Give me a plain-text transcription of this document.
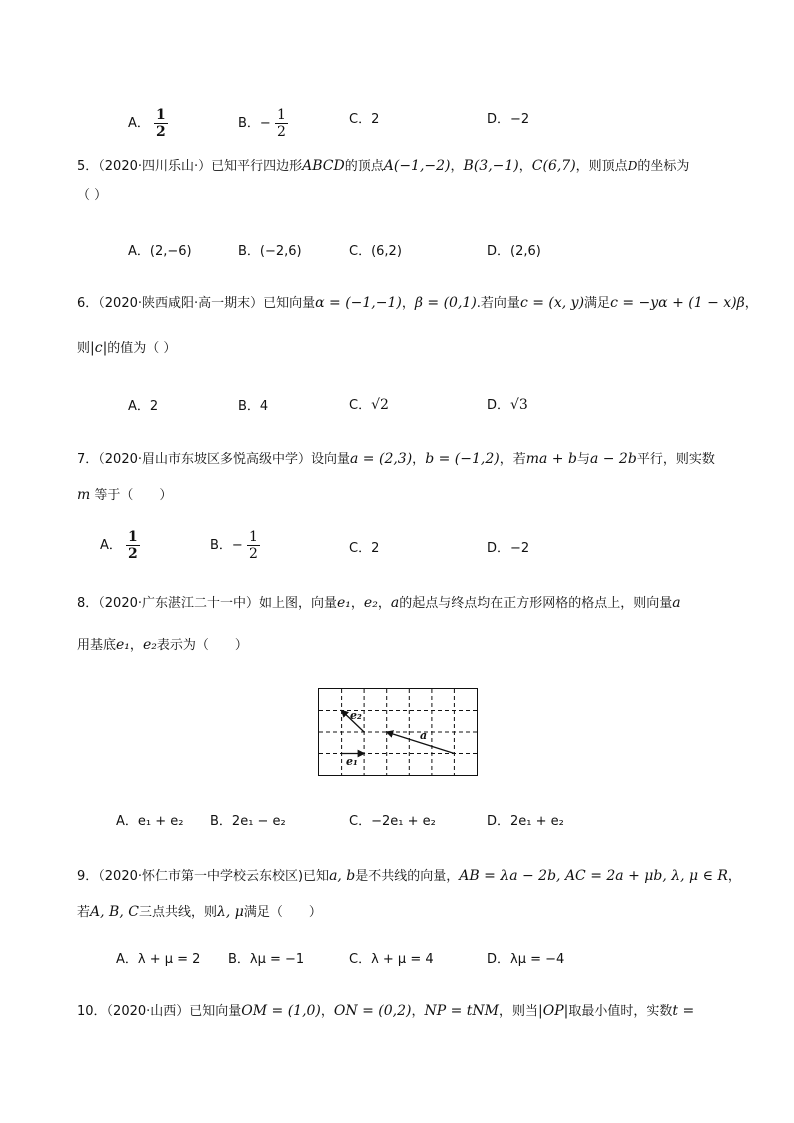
A． $\frac{1}{2}$	B．− $\frac{1}{2}$	C．2	D．−2
5．（2020·四川乐山·）已知平行四边形ABCD的顶点A(−1,−2)，B(3,−1)，C(6,7)，则顶点D的坐标为
（ ）
A．(2,−6)	B．(−2,6)	C．(6,2)	D．(2,6)
6．（2020·陕西咸阳·高一期末）已知向量α = (−1,−1)，β = (0,1).若向量c = (x, y)满足c = −yα + (1 − x)β，
则|c|的值为（ ）
A．2	B．4	C．√2	D．√3
7．（2020·眉山市东坡区多悦高级中学）设向量a = (2,3)，b = (−1,2)，若ma + b与a − 2b平行，则实数
m 等于（　　）
A． $\frac{1}{2}$	B．− $\frac{1}{2}$	C．2	D．−2
8．（2020·广东湛江二十一中）如上图，向量e₁，e₂，a的起点与终点均在正方形网格的格点上，则向量a
用基底e₁，e₂表示为（　　）
e₁
e₂
a
A．e₁ + e₂ B．2e₁ − e₂	C．−2e₁ + e₂	D．2e₁ + e₂
9．（2020·怀仁市第一中学校云东校区)已知a, b是不共线的向量，AB = λa − 2b, AC = 2a + μb, λ, μ ∈ R，
若A, B, C三点共线，则λ, μ满足（　　）
A．λ + μ = 2 B．λμ = −1	C．λ + μ = 4	D．λμ = −4
10．（2020·山西）已知向量OM = (1,0)，ON = (0,2)，NP = tNM，则当|OP|取最小值时，实数t =
